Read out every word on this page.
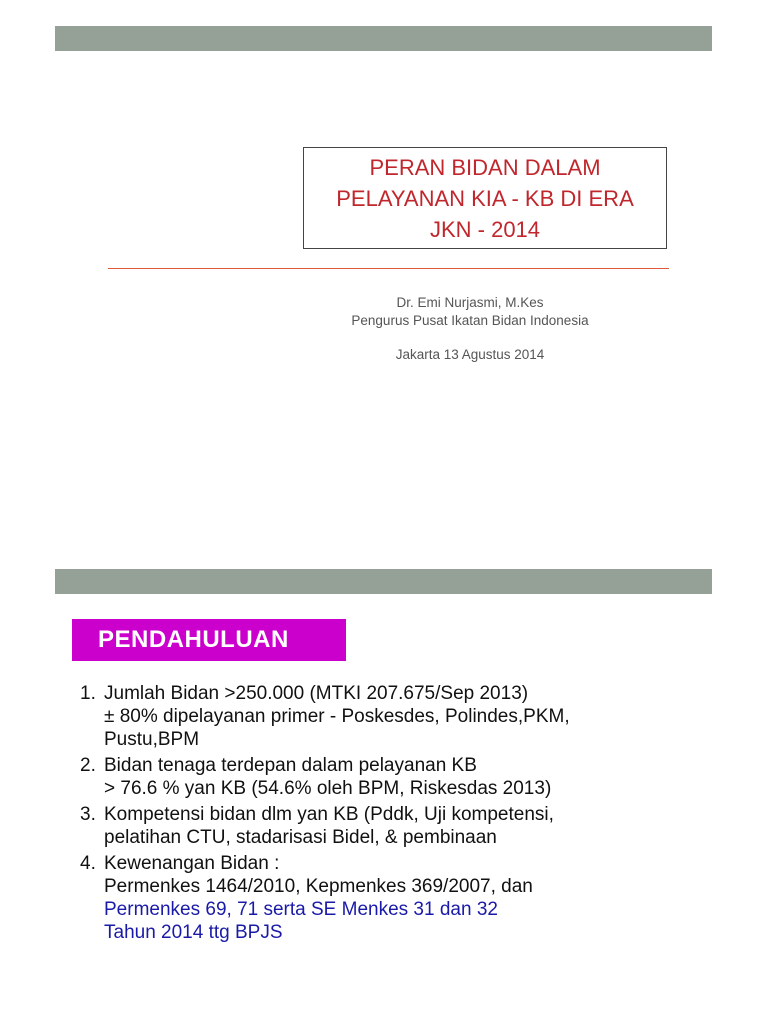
PERAN BIDAN DALAM
PELAYANAN KIA - KB DI ERA
JKN - 2014
Dr. Emi Nurjasmi, M.Kes
Pengurus Pusat Ikatan Bidan Indonesia
Jakarta 13 Agustus 2014
PENDAHULUAN
1. Jumlah Bidan >250.000 (MTKI 207.675/Sep 2013)
± 80% dipelayanan primer - Poskesdes, Polindes,PKM,
Pustu,BPM
2. Bidan tenaga terdepan dalam pelayanan KB
> 76.6 % yan KB (54.6% oleh BPM, Riskesdas 2013)
3. Kompetensi bidan dlm yan KB (Pddk, Uji kompetensi,
pelatihan CTU, stadarisasi Bidel, & pembinaan
4. Kewenangan Bidan :
Permenkes 1464/2010, Kepmenkes 369/2007, dan
Permenkes 69, 71 serta SE Menkes 31 dan 32
Tahun 2014 ttg BPJS
